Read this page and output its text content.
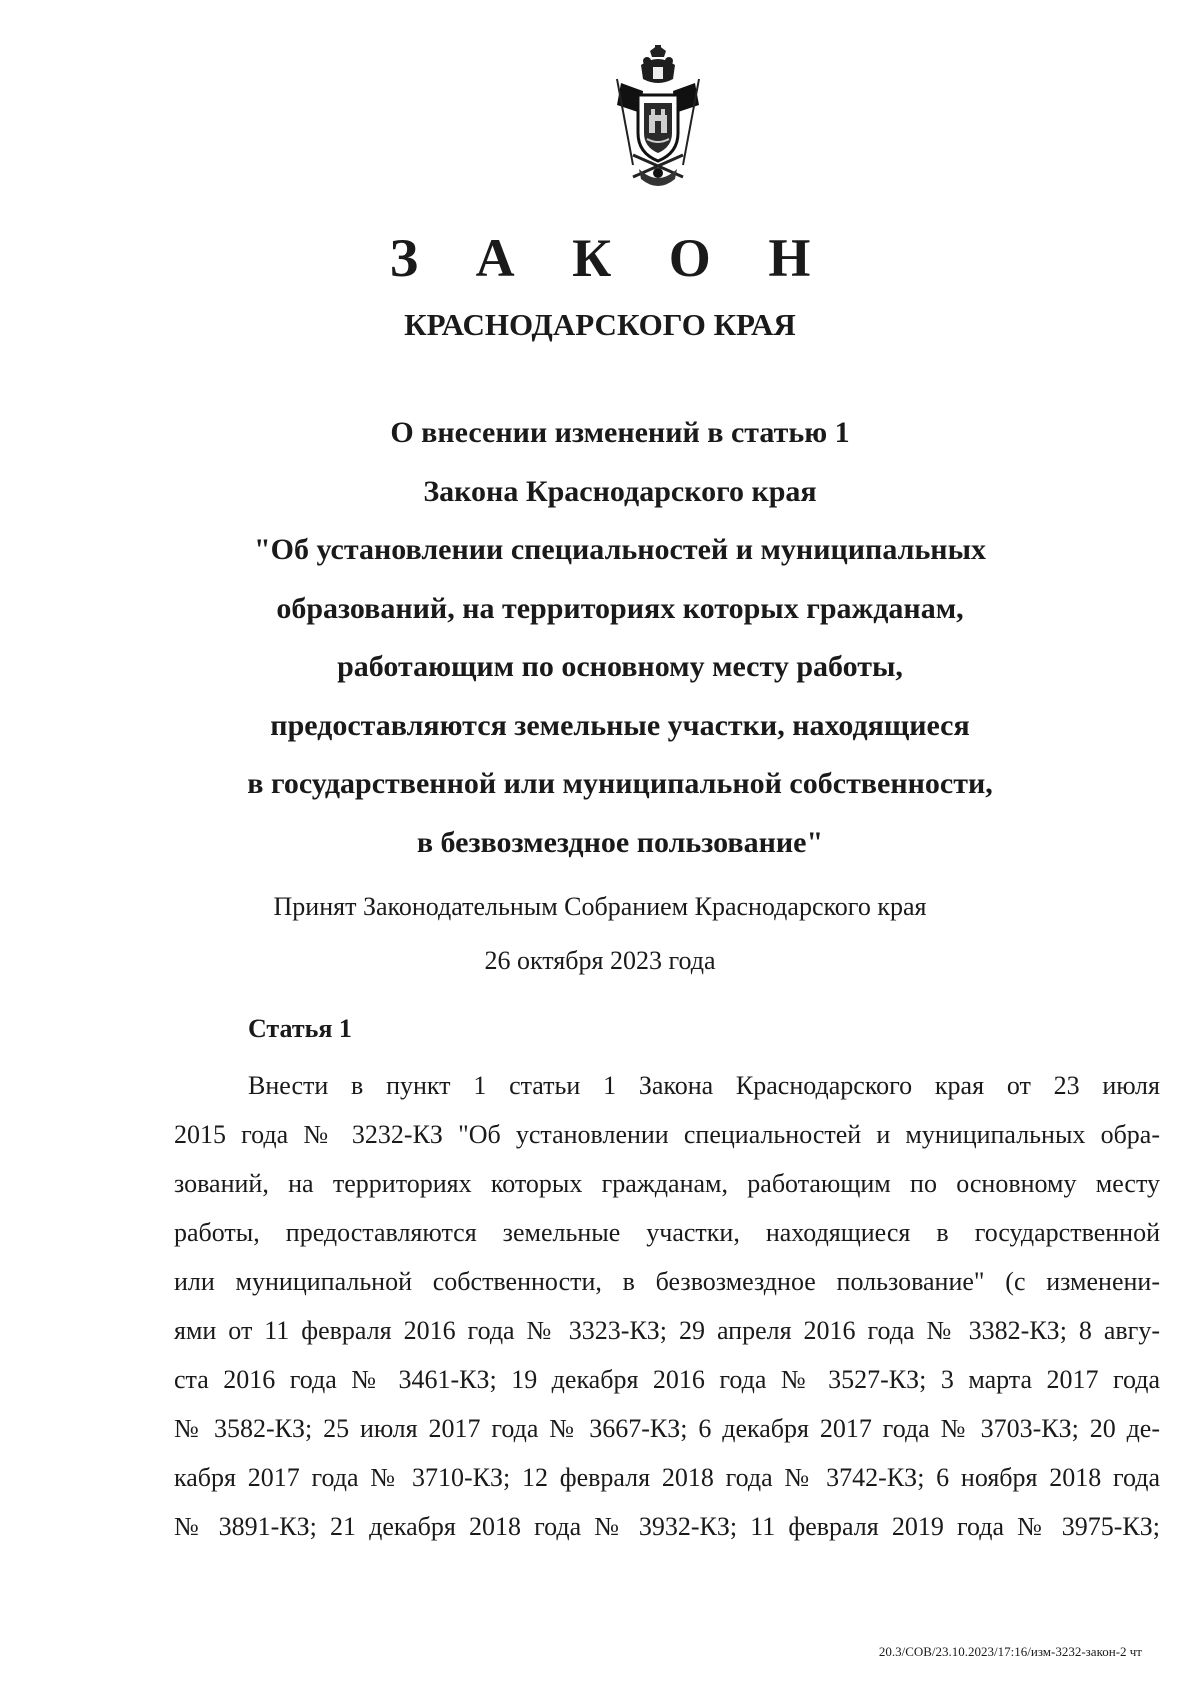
З А К О Н
КРАСНОДАРСКОГО КРАЯ
О внесении изменений в статью 1
Закона Краснодарского края
"Об установлении специальностей и муниципальных
образований, на территориях которых гражданам,
работающим по основному месту работы,
предоставляются земельные участки, находящиеся
в государственной или муниципальной собственности,
в безвозмездное пользование"
Принят Законодательным Собранием Краснодарского края
26 октября 2023 года
Статья 1
Внести в пункт 1 статьи 1 Закона Краснодарского края от 23 июля
2015 года № 3232-КЗ "Об установлении специальностей и муниципальных обра-
зований, на территориях которых гражданам, работающим по основному месту
работы, предоставляются земельные участки, находящиеся в государственной
или муниципальной собственности, в безвозмездное пользование" (с изменени-
ями от 11 февраля 2016 года № 3323-КЗ; 29 апреля 2016 года № 3382-КЗ; 8 авгу-
ста 2016 года № 3461-КЗ; 19 декабря 2016 года № 3527-КЗ; 3 марта 2017 года
№ 3582-КЗ; 25 июля 2017 года № 3667-КЗ; 6 декабря 2017 года № 3703-КЗ; 20 де-
кабря 2017 года № 3710-КЗ; 12 февраля 2018 года № 3742-КЗ; 6 ноября 2018 года
№ 3891-КЗ; 21 декабря 2018 года № 3932-КЗ; 11 февраля 2019 года № 3975-КЗ;
20.3/СОВ/23.10.2023/17:16/изм-3232-закон-2 чт
